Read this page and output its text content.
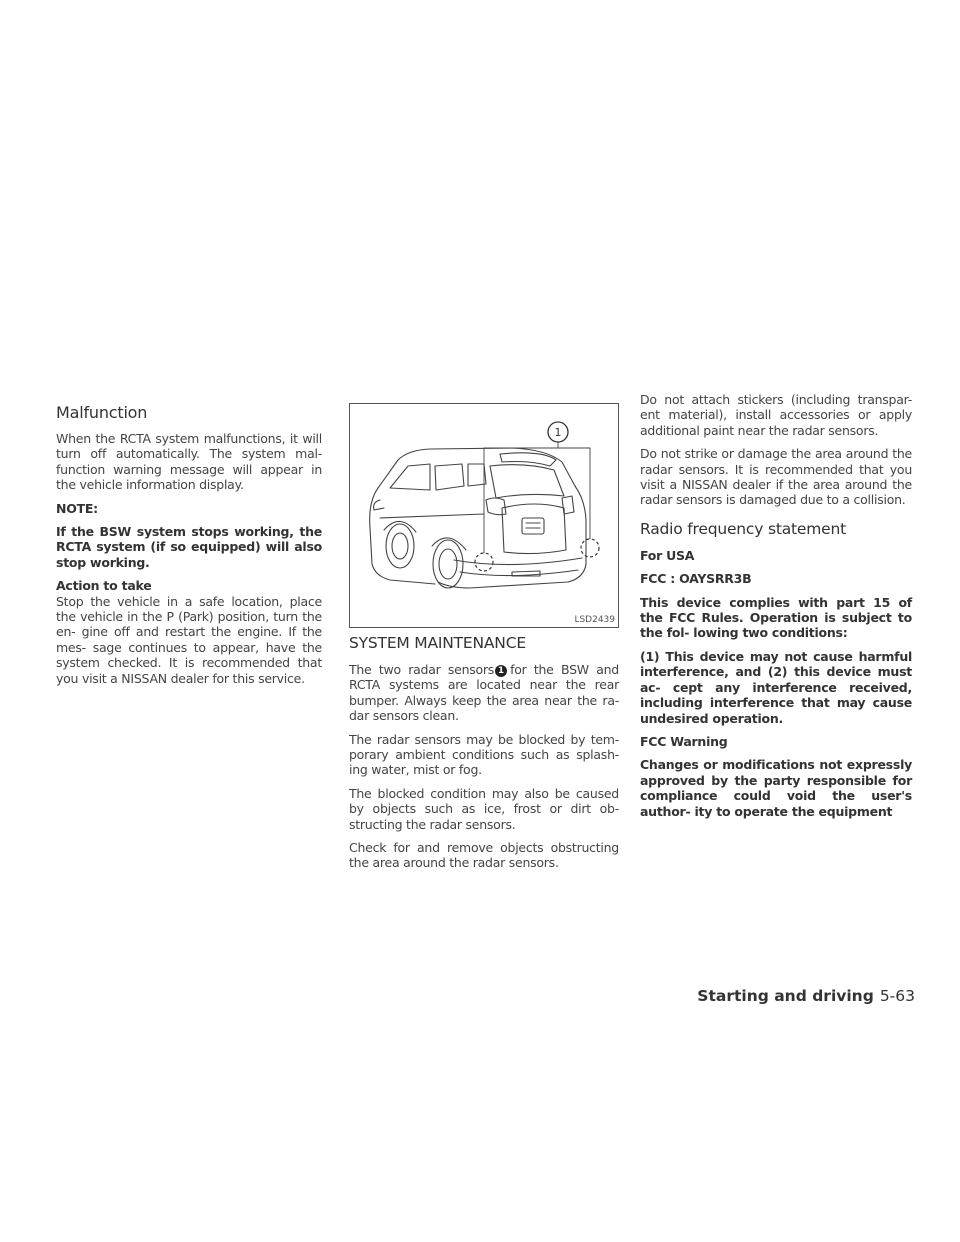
Malfunction

When the RCTA system malfunctions, it will turn off automatically. The system mal- function warning message will appear in the vehicle information display.

NOTE:

If the BSW system stops working, the RCTA system (if so equipped) will also stop working.

Action to take
Stop the vehicle in a safe location, place the vehicle in the P (Park) position, turn the en- gine off and restart the engine. If the mes- sage continues to appear, have the system checked. It is recommended that you visit a NISSAN dealer for this service.

1
LSD2439
SYSTEM MAINTENANCE

The two radar sensors 1 for the BSW and RCTA systems are located near the rear bumper. Always keep the area near the ra- dar sensors clean.

The radar sensors may be blocked by tem- porary ambient conditions such as splash- ing water, mist or fog.

The blocked condition may also be caused by objects such as ice, frost or dirt ob- structing the radar sensors.

Check for and remove objects obstructing the area around the radar sensors.

Do not attach stickers (including transpar- ent material), install accessories or apply additional paint near the radar sensors.

Do not strike or damage the area around the radar sensors. It is recommended that you visit a NISSAN dealer if the area around the radar sensors is damaged due to a collision.

Radio frequency statement

For USA

FCC : OAYSRR3B

This device complies with part 15 of the FCC Rules. Operation is subject to the fol- lowing two conditions:

(1) This device may not cause harmful interference, and (2) this device must ac- cept any interference received, including interference that may cause undesired operation.

FCC Warning

Changes or modifications not expressly approved by the party responsible for compliance could void the user's author- ity to operate the equipment

Starting and driving 5-63
